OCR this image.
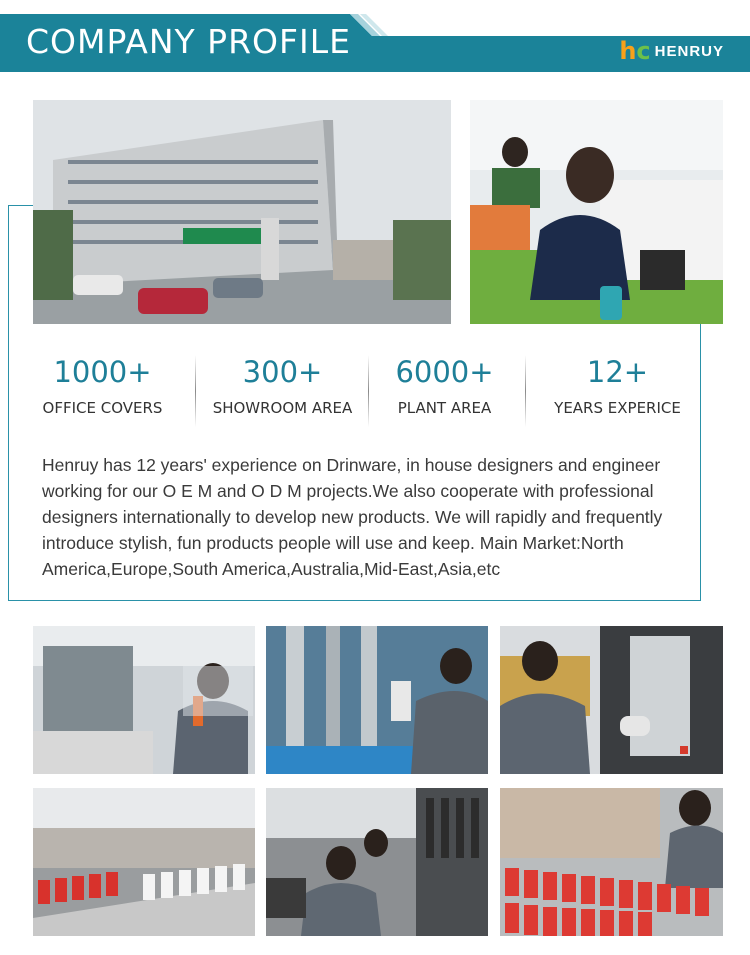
COMPANY PROFILE	hc HENRUY
1000+
OFFICE COVERS
300+
SHOWROOM AREA
6000+
PLANT AREA
12+
YEARS EXPERICE
Henruy has 12 years' experience on Drinware, in house designers and engineer working for our O E M and O D M projects.We also cooperate with professional designers internationally to develop new products. We will rapidly and frequently introduce stylish, fun products people will use and keep. Main Market:North America,Europe,South America,Australia,Mid-East,Asia,etc
